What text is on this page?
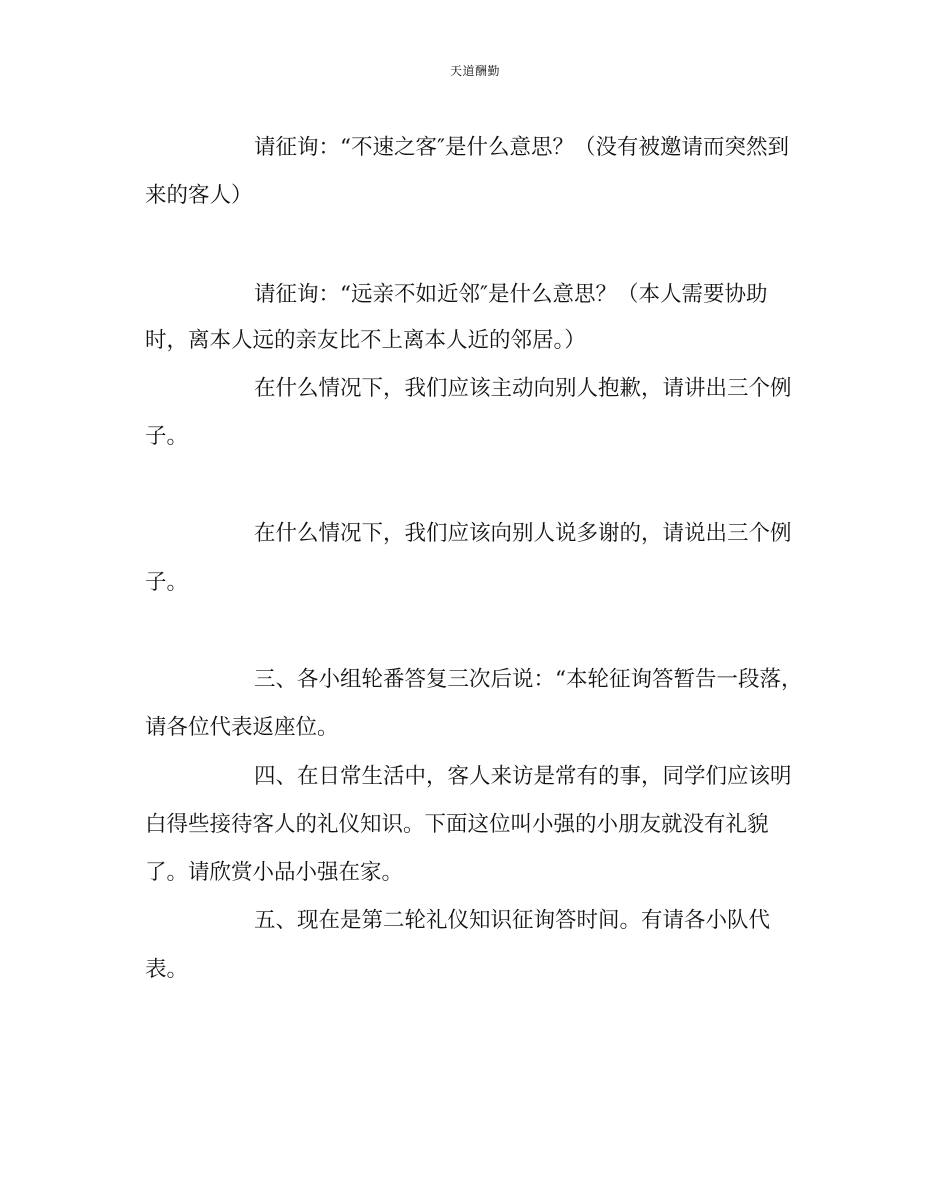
天道酬勤
请征询：“不速之客″是什么意思？（没有被邀请而突然到
来的客人）
请征询：“远亲不如近邻″是什么意思？（本人需要协助
时，离本人远的亲友比不上离本人近的邻居。）
在什么情况下，我们应该主动向别人抱歉，请讲出三个例
子。
在什么情况下，我们应该向别人说多谢的，请说出三个例
子。
三、各小组轮番答复三次后说：“本轮征询答暂告一段落，
请各位代表返座位。
四、在日常生活中，客人来访是常有的事，同学们应该明
白得些接待客人的礼仪知识。下面这位叫小强的小朋友就没有礼貌
了。请欣赏小品小强在家。
五、现在是第二轮礼仪知识征询答时间。有请各小队代
表。
